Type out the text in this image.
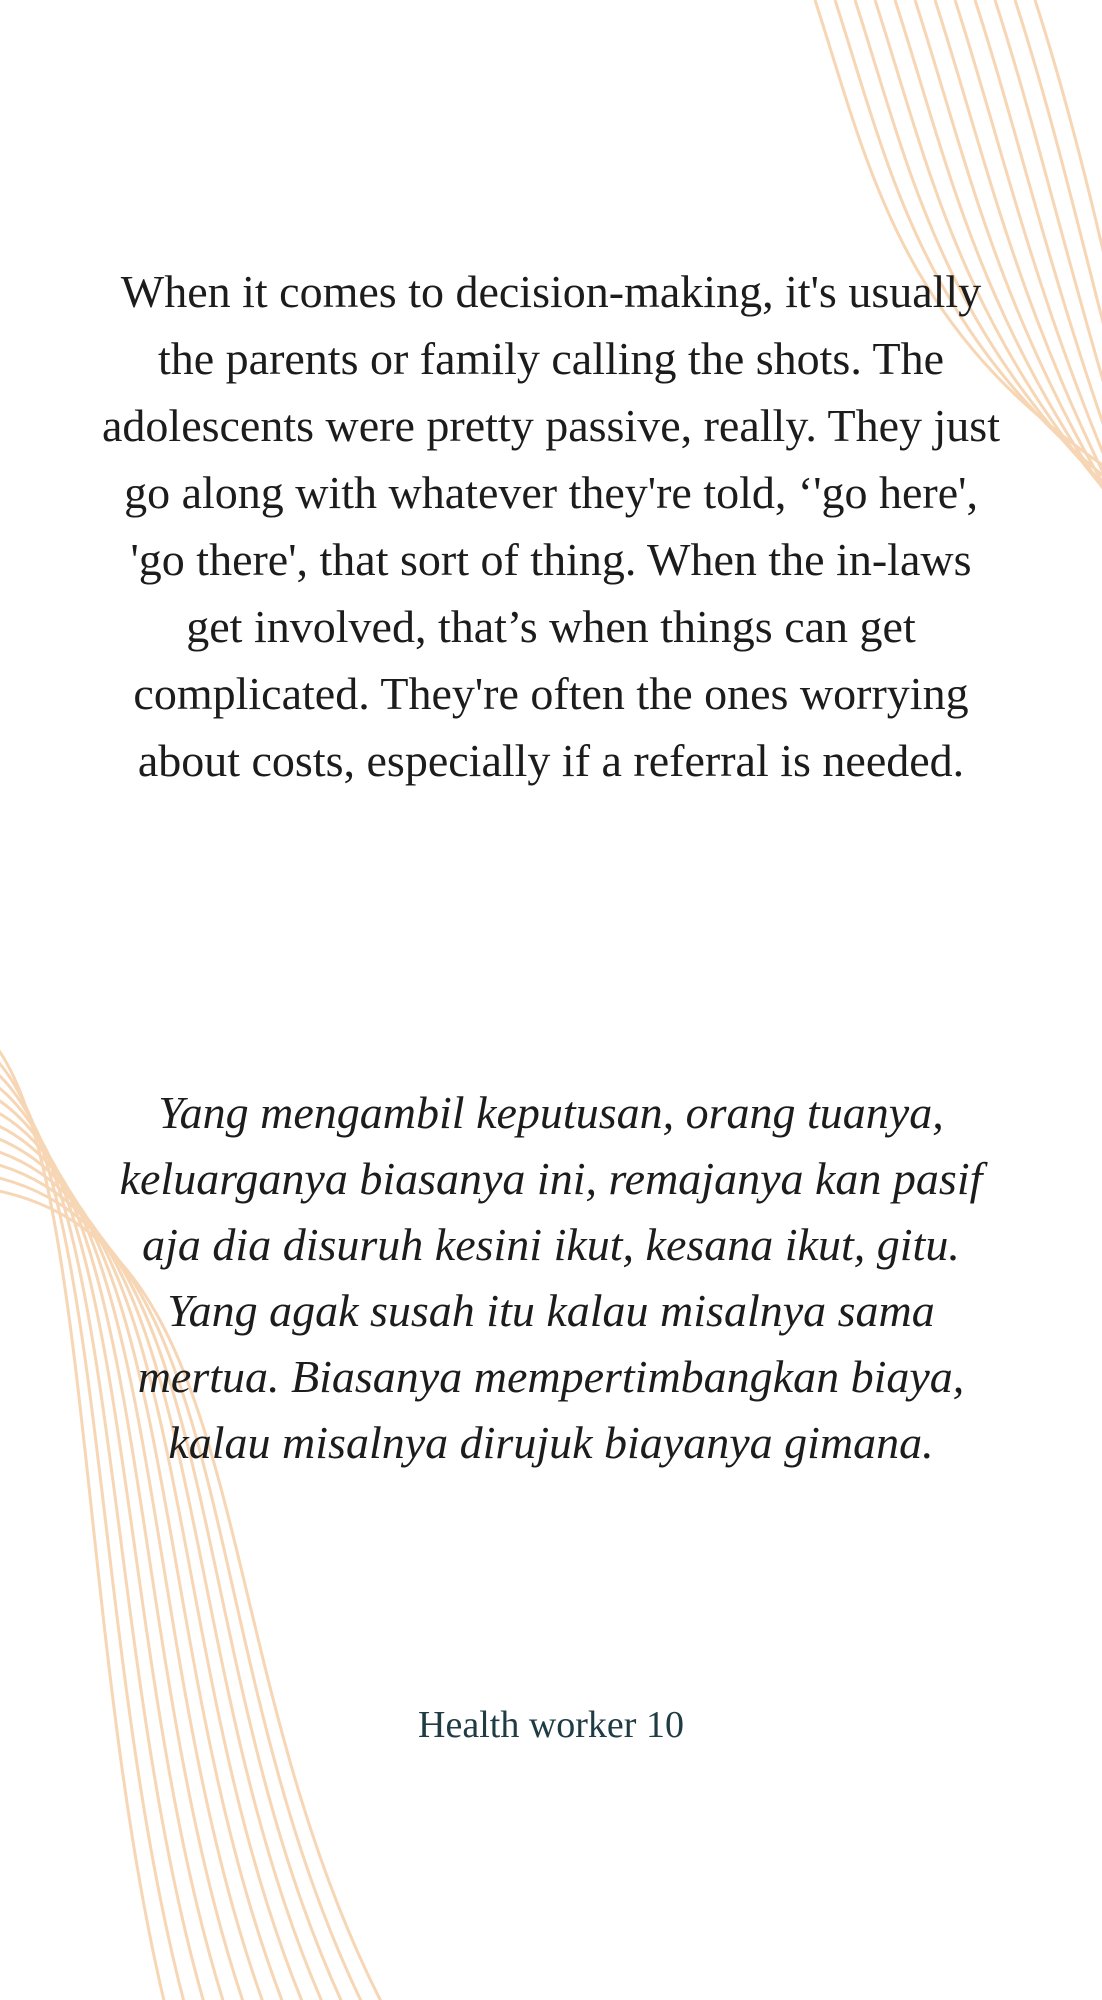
When it comes to decision-making, it's usually the parents or family calling the shots. The adolescents were pretty passive, really. They just go along with whatever they're told, ‘'go here', 'go there', that sort of thing. When the in-laws get involved, that’s when things can get complicated. They're often the ones worrying about costs, especially if a referral is needed.

Yang mengambil keputusan, orang tuanya, keluarganya biasanya ini, remajanya kan pasif aja dia disuruh kesini ikut, kesana ikut, gitu. Yang agak susah itu kalau misalnya sama mertua. Biasanya mempertimbangkan biaya, kalau misalnya dirujuk biayanya gimana.

Health worker 10
